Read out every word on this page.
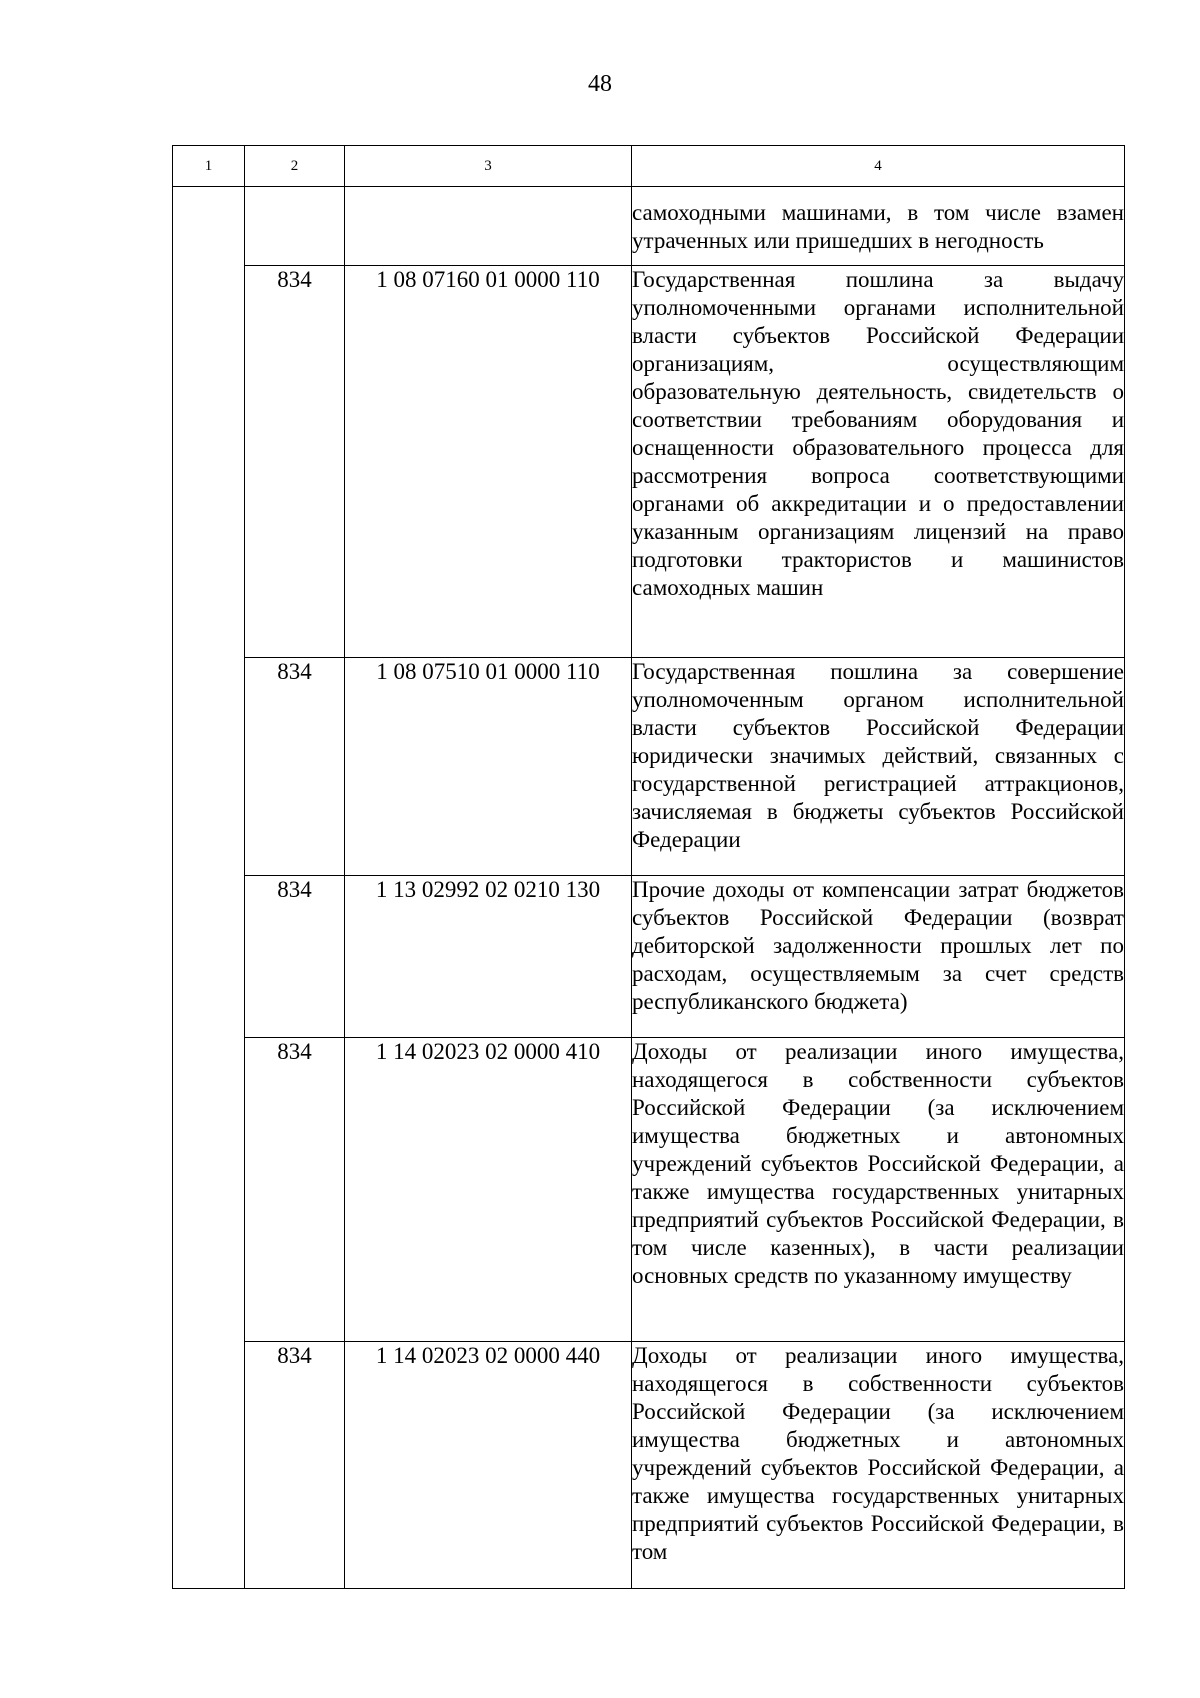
48
1	2	3	4
			самоходными машинами, в том числе взамен утраченных или пришедших в негодность
	834	1 08 07160 01 0000 110	Государственная пошлина за выдачу уполномоченными органами исполнительной власти субъектов Российской Федерации организациям, осуществляющим образовательную деятельность, свидетельств о соответствии требованиям оборудования и оснащенности образовательного процесса для рассмотрения вопроса соответствующими органами об аккредитации и о предоставлении указанным организациям лицензий на право подготовки трактористов и машинистов самоходных машин
	834	1 08 07510 01 0000 110	Государственная пошлина за совершение уполномоченным органом исполнительной власти субъектов Российской Федерации юридически значимых действий, связанных с государственной регистрацией аттракционов, зачисляемая в бюджеты субъектов Российской Федерации
	834	1 13 02992 02 0210 130	Прочие доходы от компенсации затрат бюджетов субъектов Российской Федерации (возврат дебиторской задолженности прошлых лет по расходам, осуществляемым за счет средств республиканского бюджета)
	834	1 14 02023 02 0000 410	Доходы от реализации иного имущества, находящегося в собственности субъектов Российской Федерации (за исключением имущества бюджетных и автономных учреждений субъектов Российской Федерации, а также имущества государственных унитарных предприятий субъектов Российской Федерации, в том числе казенных), в части реализации основных средств по указанному имуществу
	834	1 14 02023 02 0000 440	Доходы от реализации иного имущества, находящегося в собственности субъектов Российской Федерации (за исключением имущества бюджетных и автономных учреждений субъектов Российской Федерации, а также имущества государственных унитарных предприятий субъектов Российской Федерации, в том
